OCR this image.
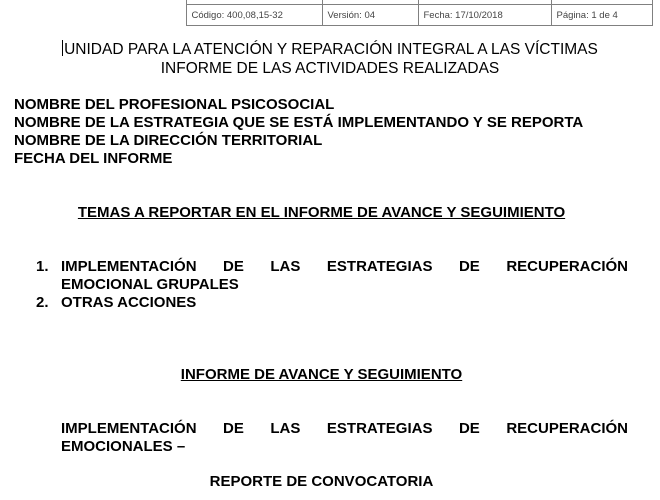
	Código: 400,08,15-32	Versión: 04	Fecha: 17/10/2018	Página: 1 de 4
UNIDAD PARA LA ATENCIÓN Y REPARACIÓN INTEGRAL A LAS VÍCTIMAS
INFORME DE LAS ACTIVIDADES REALIZADAS
NOMBRE DEL PROFESIONAL PSICOSOCIAL
NOMBRE DE LA ESTRATEGIA QUE SE ESTÁ IMPLEMENTANDO Y SE REPORTA
NOMBRE DE LA DIRECCIÓN TERRITORIAL
FECHA DEL INFORME
TEMAS A REPORTAR EN EL INFORME DE AVANCE Y SEGUIMIENTO
1. IMPLEMENTACIÓN DE LAS ESTRATEGIAS DE RECUPERACIÓN
EMOCIONAL GRUPALES
2. OTRAS ACCIONES
INFORME DE AVANCE Y SEGUIMIENTO
IMPLEMENTACIÓN DE LAS ESTRATEGIAS DE RECUPERACIÓN
EMOCIONALES –
REPORTE DE CONVOCATORIA
